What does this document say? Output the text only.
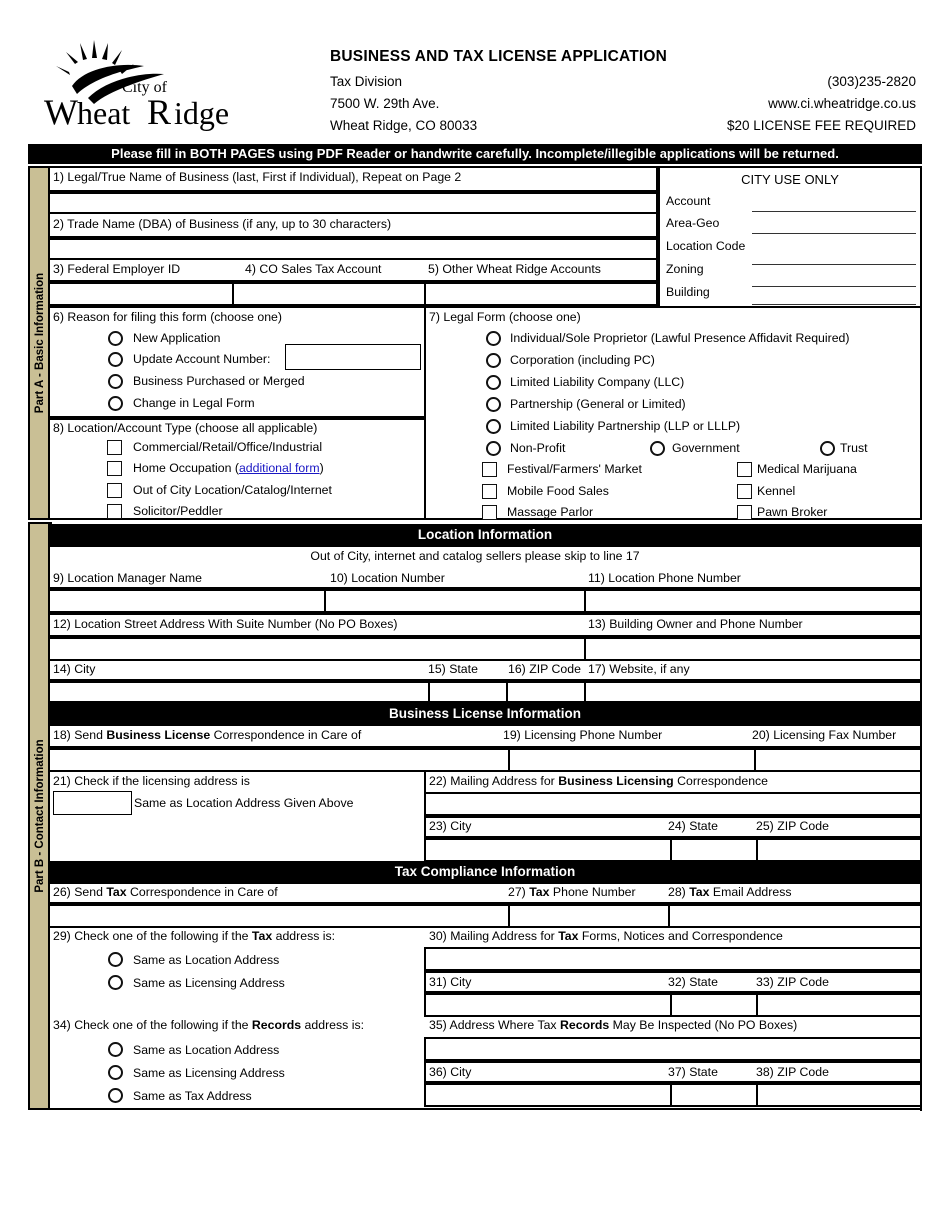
City of
W heat R idge
BUSINESS AND TAX LICENSE APPLICATION
Tax Division
7500 W. 29th Ave.
Wheat Ridge, CO 80033
(303)235-2820
www.ci.wheatridge.co.us
$20 LICENSE FEE REQUIRED
Please fill in BOTH PAGES using PDF Reader or handwrite carefully. Incomplete/illegible applications will be returned.
Part A - Basic Information
Part B - Contact Information
1) Legal/True Name of Business (last, First if Individual), Repeat on Page 2
2) Trade Name (DBA) of Business (if any, up to 30 characters)
3) Federal Employer ID	4) CO Sales Tax Account	5) Other Wheat Ridge Accounts
CITY USE ONLY
Account
Area-Geo
Location Code
Zoning
Building
6) Reason for filing this form (choose one)
New Application
Update Account Number:
Business Purchased or Merged
Change in Legal Form
7) Legal Form (choose one)
Individual/Sole Proprietor (Lawful Presence Affidavit Required)
Corporation (including PC)
Limited Liability Company (LLC)
Partnership (General or Limited)
Limited Liability Partnership (LLP or LLLP)
Non-Profit	Government	Trust
8) Location/Account Type (choose all applicable)
Commercial/Retail/Office/Industrial
Home Occupation (additional form)
Out of City Location/Catalog/Internet
Solicitor/Peddler
Festival/Farmers' Market
Mobile Food Sales
Massage Parlor
Medical Marijuana
Kennel
Pawn Broker
Location Information
Out of City, internet and catalog sellers please skip to line 17
9) Location Manager Name	10) Location Number	11) Location Phone Number
12) Location Street Address With Suite Number (No PO Boxes)	13) Building Owner and Phone Number
14) City	15) State 16) ZIP Code 17) Website, if any
Business License Information
18) Send Business License Correspondence in Care of	19) Licensing Phone Number	20) Licensing Fax Number
21) Check if the licensing address is
Same as Location Address Given Above
22) Mailing Address for Business Licensing Correspondence
23) City	24) State	25) ZIP Code
Tax Compliance Information
26) Send Tax Correspondence in Care of	27) Tax Phone Number	28) Tax Email Address
29) Check one of the following if the Tax address is:
Same as Location Address
Same as Licensing Address
30) Mailing Address for Tax Forms, Notices and Correspondence
31) City	32) State	33) ZIP Code
34) Check one of the following if the Records address is:
Same as Location Address
Same as Licensing Address
Same as Tax Address
35) Address Where Tax Records May Be Inspected (No PO Boxes)
36) City	37) State	38) ZIP Code
